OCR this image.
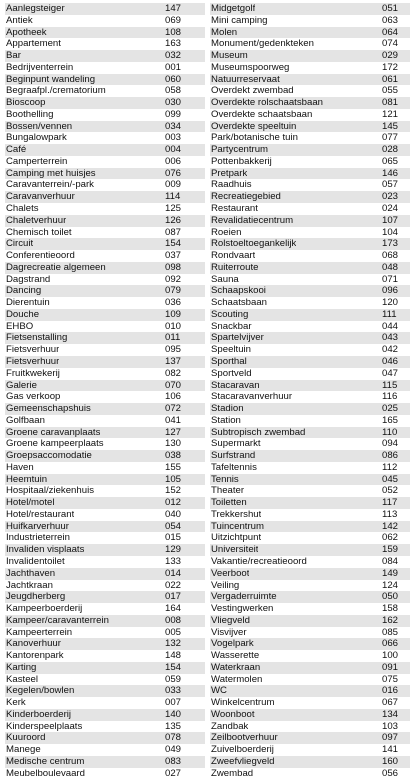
Aanlegsteiger	147
Antiek	069
Apotheek	108
Appartement	163
Bar	032
Bedrijventerrein	001
Beginpunt wandeling	060
Begraafpl./crematorium	058
Bioscoop	030
Boothelling	099
Bossen/vennen	034
Bungalowpark	003
Café	004
Camperterrein	006
Camping met huisjes	076
Caravanterrein/-park	009
Caravanverhuur	114
Chalets	125
Chaletverhuur	126
Chemisch toilet	087
Circuit	154
Conferentieoord	037
Dagrecreatie algemeen	098
Dagstrand	092
Dancing	079
Dierentuin	036
Douche	109
EHBO	010
Fietsenstalling	011
Fietsverhuur	095
Fietsverhuur	137
Fruitkwekerij	082
Galerie	070
Gas verkoop	106
Gemeenschapshuis	072
Golfbaan	041
Groene caravanplaats	127
Groene kampeerplaats	130
Groepsaccomodatie	038
Haven	155
Heemtuin	105
Hospitaal/ziekenhuis	152
Hotel/motel	012
Hotel/restaurant	040
Huifkarverhuur	054
Industrieterrein	015
Invaliden visplaats	129
Invalidentoilet	133
Jachthaven	014
Jachtkraan	022
Jeugdherberg	017
Kampeerboerderij	164
Kampeer/caravanterrein	008
Kampeerterrein	005
Kanoverhuur	132
Kantorenpark	148
Karting	154
Kasteel	059
Kegelen/bowlen	033
Kerk	007
Kinderboerderij	140
Kinderspeelplaats	135
Kuuroord	078
Manege	049
Medische centrum	083
Meubelboulevaard	027
Midgetgolf	051
Mini camping	063
Molen	064
Monument/gedenkteken	074
Museum	029
Museumspoorweg	172
Natuurreservaat	061
Overdekt zwembad	055
Overdekte rolschaatsbaan	081
Overdekte schaatsbaan	121
Overdekte speeltuin	145
Park/botanische tuin	077
Partycentrum	028
Pottenbakkerij	065
Pretpark	146
Raadhuis	057
Recreatiegebied	023
Restaurant	024
Revalidatiecentrum	107
Roeien	104
Rolstoeltoegankelijk	173
Rondvaart	068
Ruiterroute	048
Sauna	071
Schaapskooi	096
Schaatsbaan	120
Scouting	111
Snackbar	044
Spartelvijver	043
Speeltuin	042
Sporthal	046
Sportveld	047
Stacaravan	115
Stacaravanverhuur	116
Stadion	025
Station	165
Subtropisch zwembad	110
Supermarkt	094
Surfstrand	086
Tafeltennis	112
Tennis	045
Theater	052
Toiletten	117
Trekkershut	113
Tuincentrum	142
Uitzichtpunt	062
Universiteit	159
Vakantie/recreatieoord	084
Veerboot	149
Veiling	124
Vergaderruimte	050
Vestingwerken	158
Vliegveld	162
Visvijver	085
Vogelpark	066
Wasserette	100
Waterkraan	091
Watermolen	075
WC	016
Winkelcentrum	067
Woonboot	134
Zandbak	103
Zeilbootverhuur	097
Zuivelboerderij	141
Zweefvliegveld	160
Zwembad	056
